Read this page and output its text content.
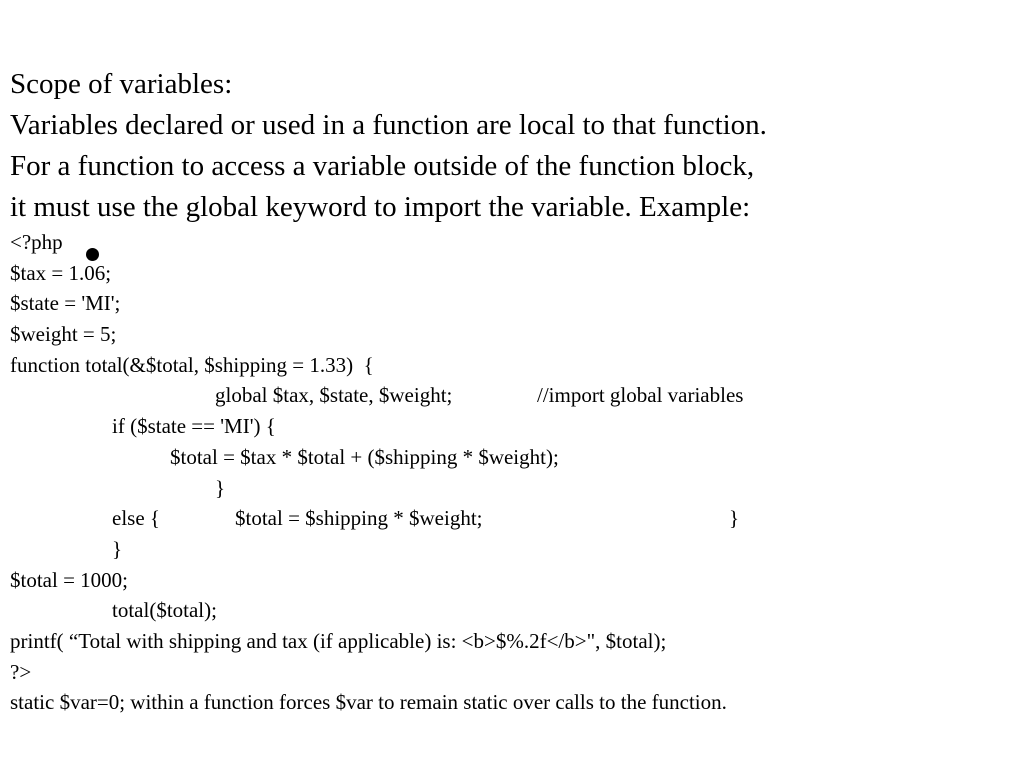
Scope of variables:
Variables declared or used in a function are local to that function.
For a function to access a variable outside of the function block,
it must use the global keyword to import the variable. Example:

<?php

$tax = 1.06;

$state = 'MI';

$weight = 5;

function total(&$total, $shipping = 1.33)  {

global $tax, $state, $weight;

	//import global variables

if ($state == 'MI') {

$total = $tax * $total + ($shipping * $weight);

}

else {

	$total = $shipping * $weight;

	}

}

$total = 1000;

total($total);

printf( “Total with shipping and tax (if applicable) is: <b>$%.2f</b>", $total);

?>

static $var=0; within a function forces $var to remain static over calls to the function.
